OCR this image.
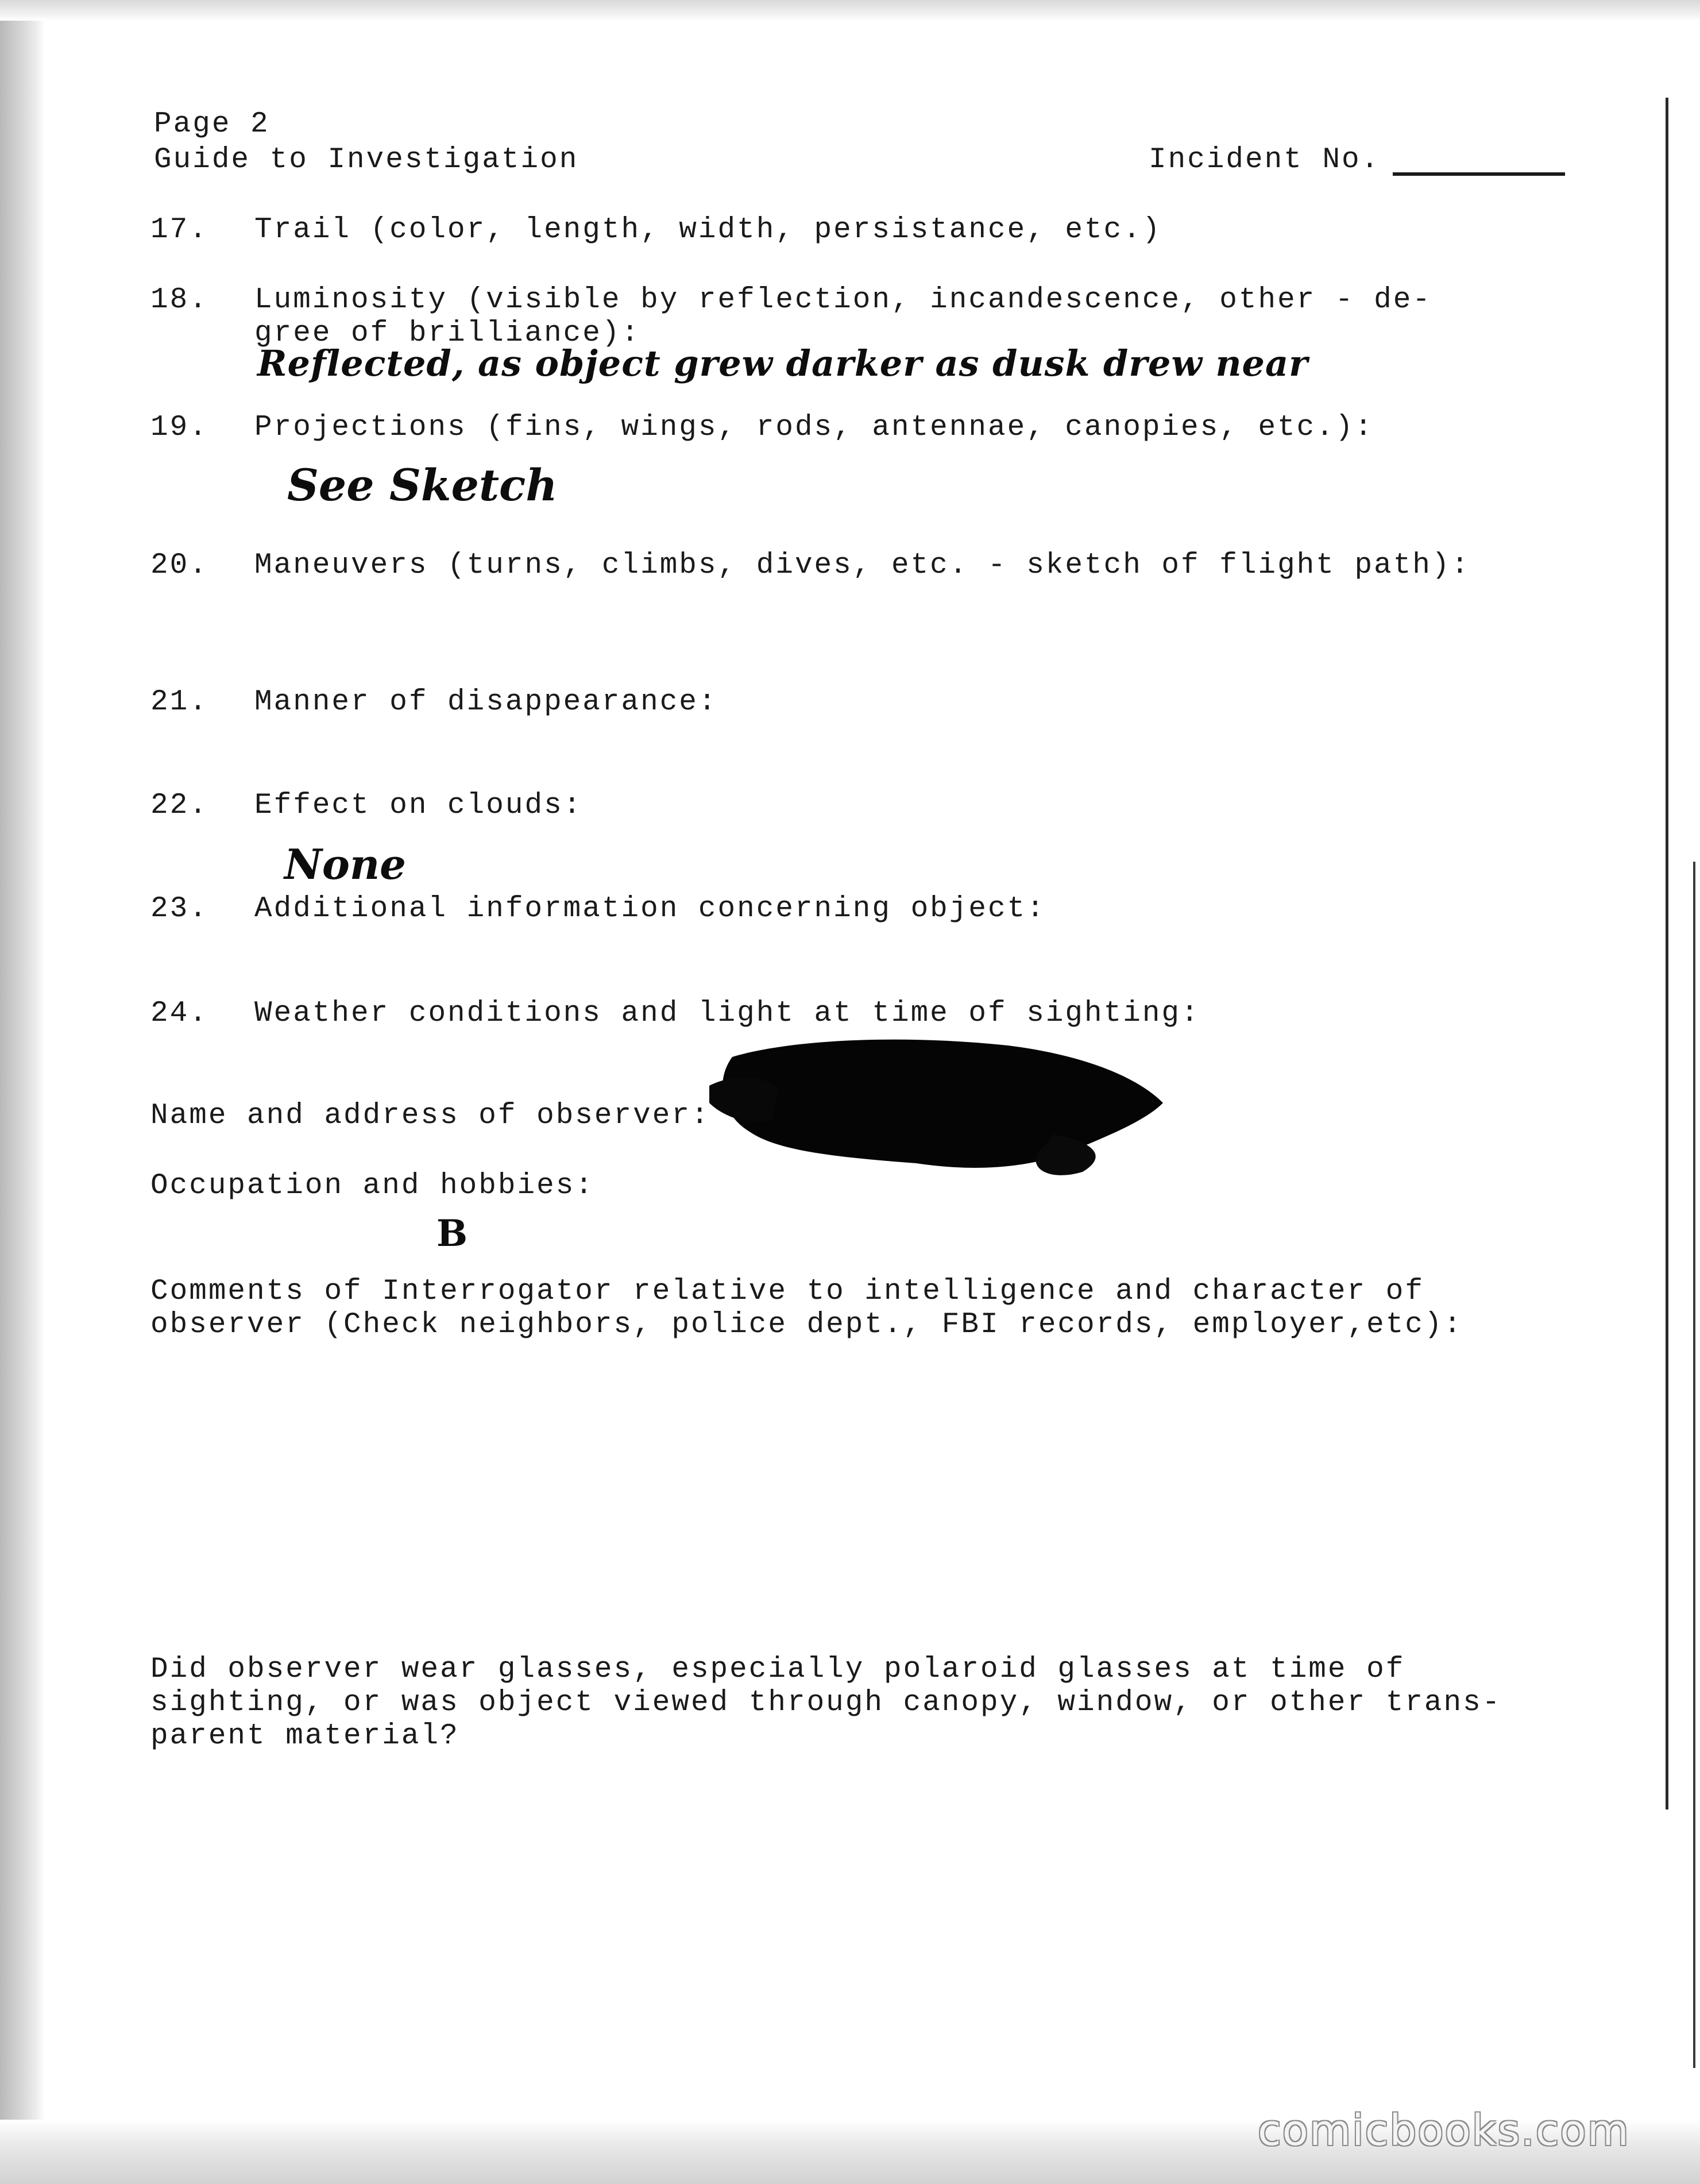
Page 2

Guide to Investigation	Incident No.

17. Trail (color, length, width, persistance, etc.)

18. Luminosity (visible by reflection, incandescence, other - de-

gree of brilliance):

Reflected, as object grew darker as dusk drew near

19. Projections (fins, wings, rods, antennae, canopies, etc.):

See Sketch

20. Maneuvers (turns, climbs, dives, etc. - sketch of flight path):

21. Manner of disappearance:

22. Effect on clouds:

None

23. Additional information concerning object:

24. Weather conditions and light at time of sighting:

Name and address of observer:

Occupation and hobbies:

B

Comments of Interrogator relative to intelligence and character of

observer (Check neighbors, police dept., FBI records, employer,etc):

Did observer wear glasses, especially polaroid glasses at time of

sighting, or was object viewed through canopy, window, or other trans-

parent material?

comicbooks.com
